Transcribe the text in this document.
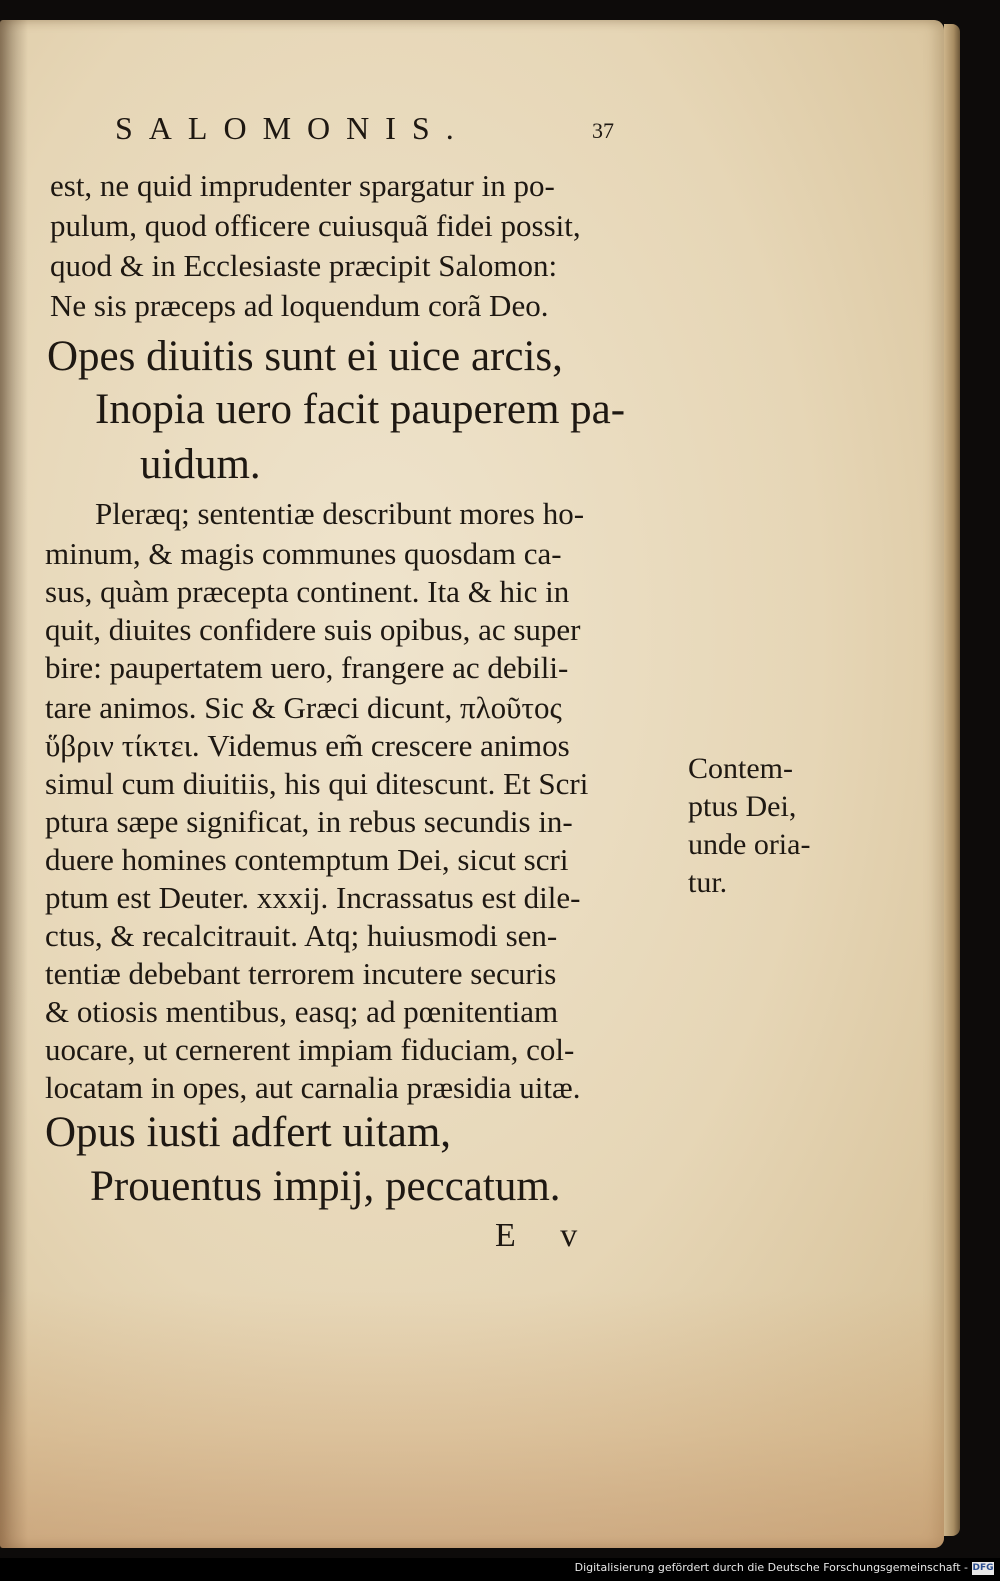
SALOMONIS.	37
est, ne quid imprudenter spargatur in po-
pulum, quod officere cuiusquã fidei possit,
quod & in Ecclesiaste præcipit Salomon:
Ne sis præceps ad loquendum corã Deo.
Opes diuitis sunt ei uice arcis,
Inopia uero facit pauperem pa-
uidum.
Pleræq; sententiæ describunt mores ho-
minum, & magis communes quosdam ca-
sus, quàm præcepta continent. Ita & hic in
quit, diuites confidere suis opibus, ac super
bire: paupertatem uero, frangere ac debili-
tare animos. Sic & Græci dicunt, πλοῦτος
ὕβριν τίκτει. Videmus em̃ crescere animos
simul cum diuitiis, his qui ditescunt. Et Scri
ptura sæpe significat, in rebus secundis in-
duere homines contemptum Dei, sicut scri
ptum est Deuter. xxxij. Incrassatus est dile-
ctus, & recalcitrauit. Atq; huiusmodi sen-
tentiæ debebant terrorem incutere securis
& otiosis mentibus, easq; ad pœnitentiam
uocare, ut cernerent impiam fiduciam, col-
locatam in opes, aut carnalia præsidia uitæ.
Opus iusti adfert uitam,
Prouentus impij, peccatum.
Contem-
ptus Dei,
unde oria-
tur.
E v
Digitalisierung gefördert durch die Deutsche Forschungsgemeinschaft - DFG
